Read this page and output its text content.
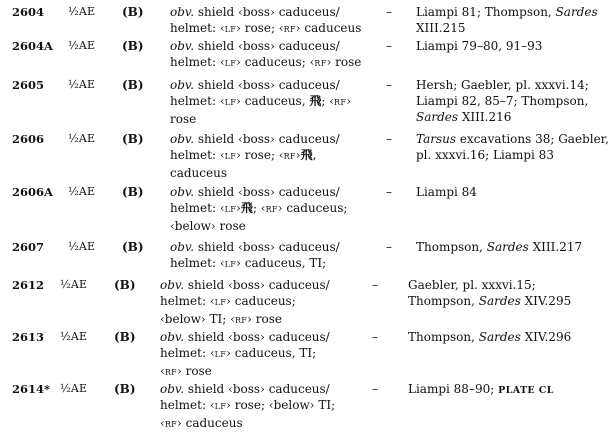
2604 ½AE (B) obv. shield ‹boss› caduceus/
helmet: ‹LF› rose; ‹RF› caduceus
– Liampi 81; Thompson, Sardes
XIII.215
2604A ½AE (B) obv. shield ‹boss› caduceus/
helmet: ‹LF› caduceus; ‹RF› rose
– Liampi 79–80, 91–93
2605 ½AE (B) obv. shield ‹boss› caduceus/
helmet: ‹LF› caduceus, ⾶; ‹RF›
rose
– Hersh; Gaebler, pl. xxxvi.14;
Liampi 82, 85–7; Thompson,
Sardes XIII.216
2606 ½AE (B) obv. shield ‹boss› caduceus/
helmet: ‹LF› rose; ‹RF›⾶,
caduceus
– Tarsus excavations 38; Gaebler,
pl. xxxvi.16; Liampi 83
2606A ½AE (B) obv. shield ‹boss› caduceus/
helmet: ‹LF›⾶; ‹RF› caduceus;
‹below› rose
– Liampi 84
2607 ½AE (B) obv. shield ‹boss› caduceus/
helmet: ‹LF› caduceus, TI;
– Thompson, Sardes XIII.217
2612 ½AE (B) obv. shield ‹boss› caduceus/
helmet: ‹LF› caduceus;
‹below› TI; ‹RF› rose
–	Gaebler, pl. xxxvi.15;
Thompson, Sardes XIV.295
2613 ½AE (B) obv. shield ‹boss› caduceus/
helmet: ‹LF› caduceus, TI;
‹RF› rose
–	Thompson, Sardes XIV.296
2614* ½AE (B) obv. shield ‹boss› caduceus/
helmet: ‹LF› rose; ‹below› TI;
‹RF› caduceus
–	Liampi 88–90; PLATE CL
